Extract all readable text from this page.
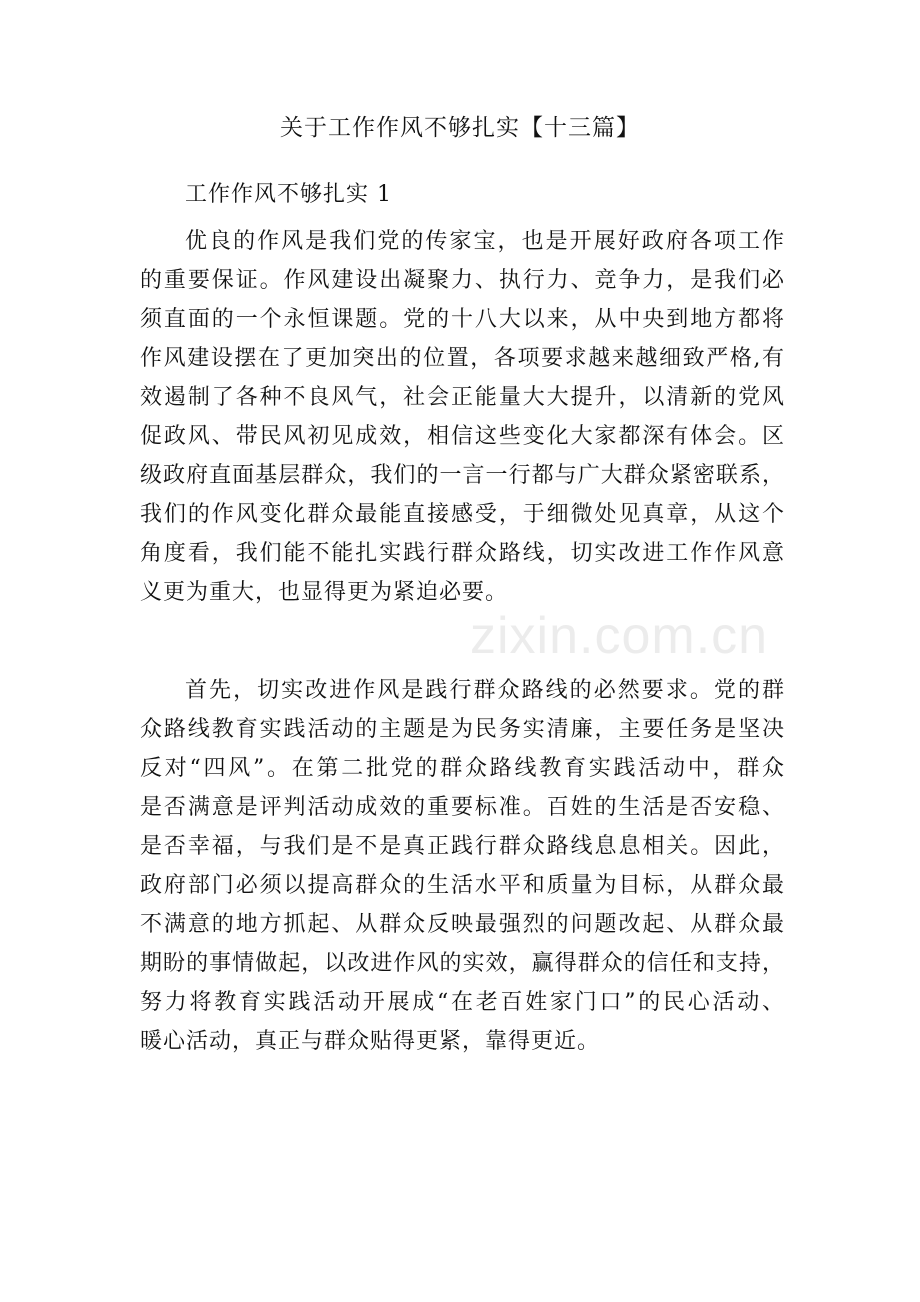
关于工作作风不够扎实【十三篇】
工作作风不够扎实 1
优良的作风是我们党的传家宝，也是开展好政府各项工作
的重要保证。作风建设出凝聚力、执行力、竞争力，是我们必
须直面的一个永恒课题。党的十八大以来，从中央到地方都将
作风建设摆在了更加突出的位置，各项要求越来越细致严格,有
效遏制了各种不良风气，社会正能量大大提升，以清新的党风
促政风、带民风初见成效，相信这些变化大家都深有体会。区
级政府直面基层群众，我们的一言一行都与广大群众紧密联系，
我们的作风变化群众最能直接感受，于细微处见真章，从这个
角度看，我们能不能扎实践行群众路线，切实改进工作作风意
义更为重大，也显得更为紧迫必要。
首先，切实改进作风是践行群众路线的必然要求。党的群
众路线教育实践活动的主题是为民务实清廉，主要任务是坚决
反对“四风”。在第二批党的群众路线教育实践活动中，群众
是否满意是评判活动成效的重要标准。百姓的生活是否安稳、
是否幸福，与我们是不是真正践行群众路线息息相关。因此，
政府部门必须以提高群众的生活水平和质量为目标，从群众最
不满意的地方抓起、从群众反映最强烈的问题改起、从群众最
期盼的事情做起，以改进作风的实效，赢得群众的信任和支持，
努力将教育实践活动开展成“在老百姓家门口”的民心活动、
暖心活动，真正与群众贴得更紧，靠得更近。
zixin.com.cn
